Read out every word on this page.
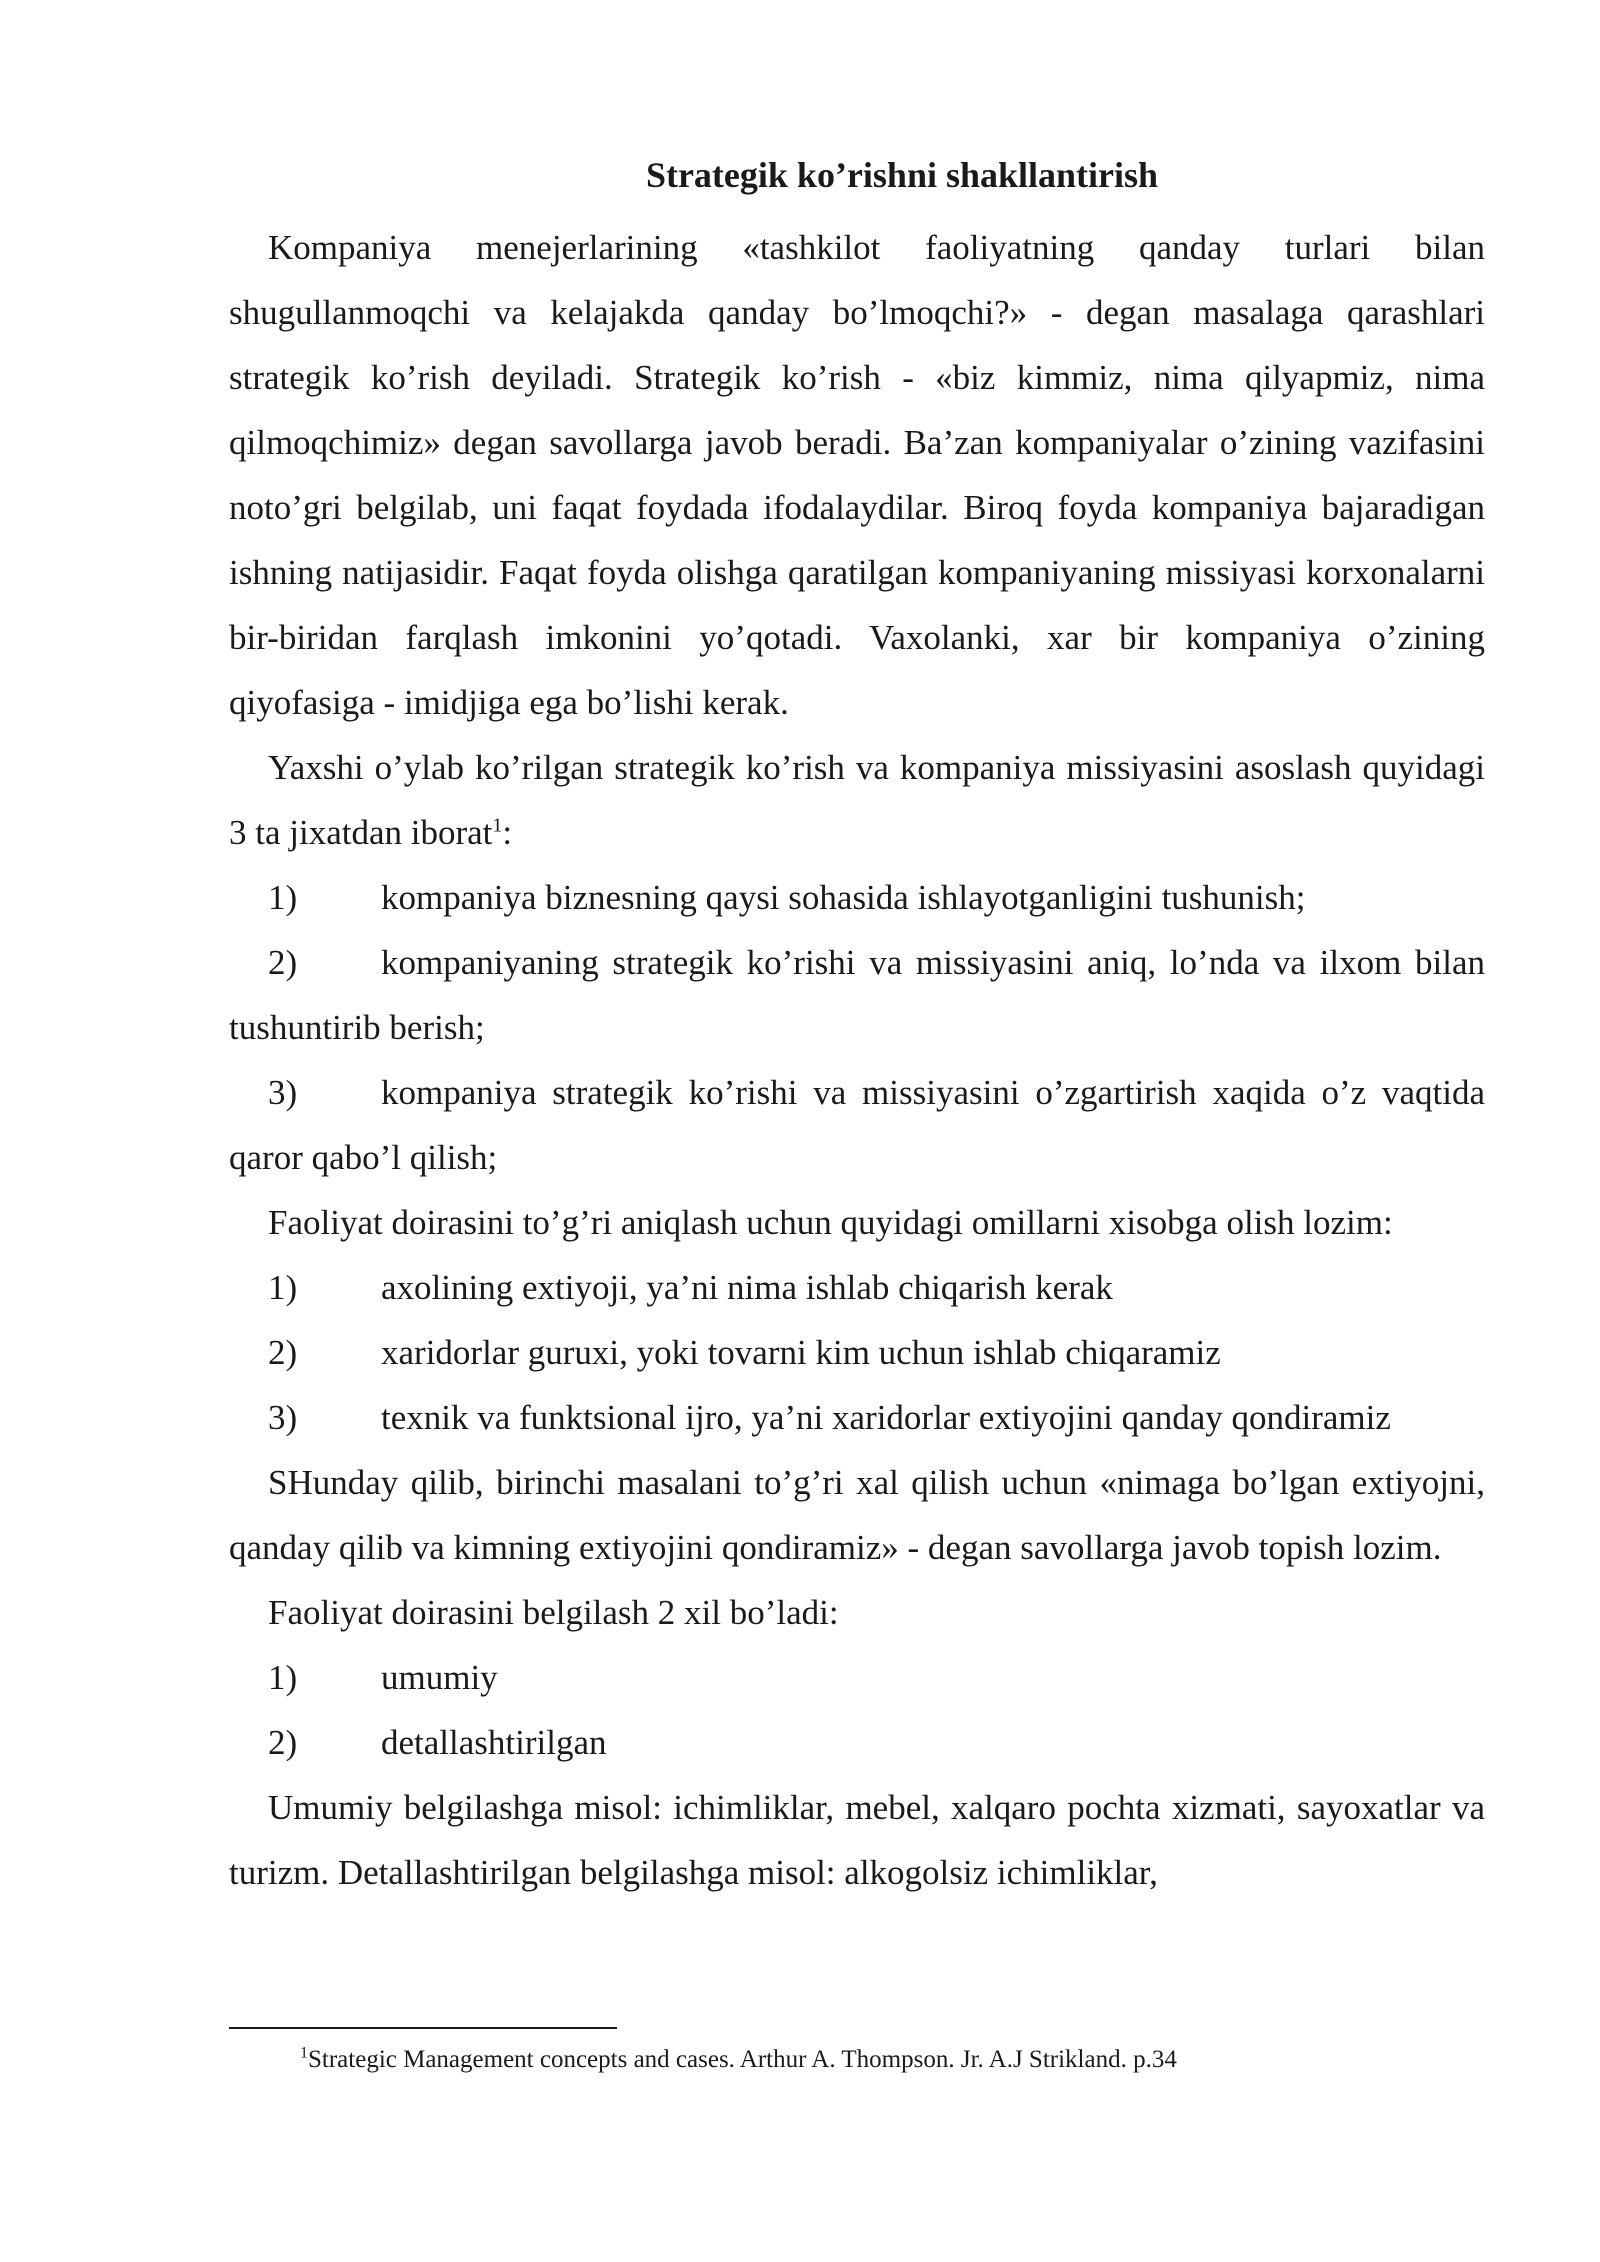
Strategik ko’rishni shakllantirish

Kompaniya menejerlarining «tashkilot faoliyatning qanday turlari bilan shugullanmoqchi va kelajakda qanday bo’lmoqchi?» - degan masalaga qarashlari strategik ko’rish deyiladi. Strategik ko’rish - «biz kimmiz, nima qilyapmiz, nima qilmoqchimiz» degan savollarga javob beradi. Ba’zan kompaniyalar o’zining vazifasini noto’gri belgilab, uni faqat foydada ifodalaydilar. Biroq foyda kompaniya bajaradigan ishning natijasidir. Faqat foyda olishga qaratilgan kompaniyaning missiyasi korxonalarni bir-biridan farqlash imkonini yo’qotadi. Vaxolanki, xar bir kompaniya o’zining qiyofasiga - imidjiga ega bo’lishi kerak.

Yaxshi o’ylab ko’rilgan strategik ko’rish va kompaniya missiyasini asoslash quyidagi 3 ta jixatdan iborat$^1$:

1) kompaniya biznesning qaysi sohasida ishlayotganligini tushunish;
2) kompaniyaning strategik ko’rishi va missiyasini aniq, lo’nda va ilxom bilan tushuntirib berish;
3) kompaniya strategik ko’rishi va missiyasini o’zgartirish xaqida o’z vaqtida qaror qabo’l qilish;

Faoliyat doirasini to’g’ri aniqlash uchun quyidagi omillarni xisobga olish lozim:

1) axolining extiyoji, ya’ni nima ishlab chiqarish kerak
2) xaridorlar guruxi, yoki tovarni kim uchun ishlab chiqaramiz
3) texnik va funktsional ijro, ya’ni xaridorlar extiyojini qanday qondiramiz

SHunday qilib, birinchi masalani to’g’ri xal qilish uchun «nimaga bo’lgan extiyojni, qanday qilib va kimning extiyojini qondiramiz» - degan savollarga javob topish lozim.

Faoliyat doirasini belgilash 2 xil bo’ladi:

1) umumiy
2) detallashtirilgan

Umumiy belgilashga misol: ichimliklar, mebel, xalqaro pochta xizmati, sayoxatlar va turizm. Detallashtirilgan belgilashga misol: alkogolsiz ichimliklar,

$^1$Strategic Management concepts and cases. Arthur A. Thompson. Jr. A.J Strikland. p.34
